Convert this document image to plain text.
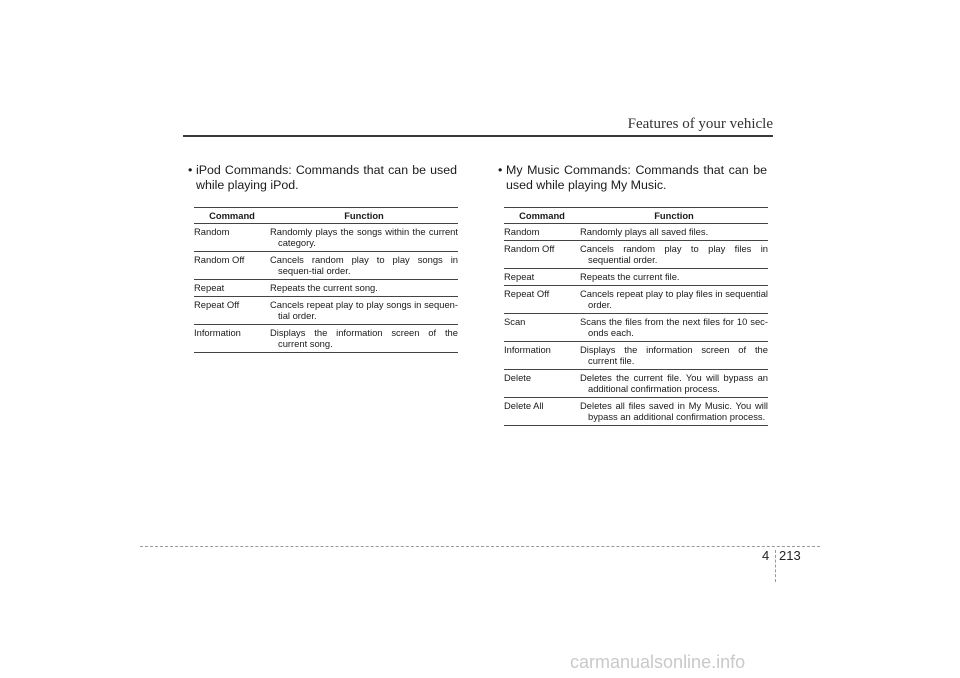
Features of your vehicle

• iPod Commands: Commands that can be used while playing iPod.

Command	Function
Random	Randomly plays the songs within the current category.

Random Off	Cancels random play to play songs in sequen-tial order.

Repeat	Repeats the current song.

Repeat Off	Cancels repeat play to play songs in sequen-tial order.

Information	Displays the information screen of the current song.

• My Music Commands: Commands that can be used while playing My Music.

Command	Function
Random	Randomly plays all saved files.

Random Off	Cancels random play to play files in sequential order.

Repeat	Repeats the current file.

Repeat Off	Cancels repeat play to play files in sequential order.

Scan	Scans the files from the next files for 10 sec-onds each.

Information	Displays the information screen of the current file.

Delete	Deletes the current file. You will bypass an additional confirmation process.

Delete All	Deletes all files saved in My Music. You will bypass an additional confirmation process.
4 213
carmanualsonline.info
